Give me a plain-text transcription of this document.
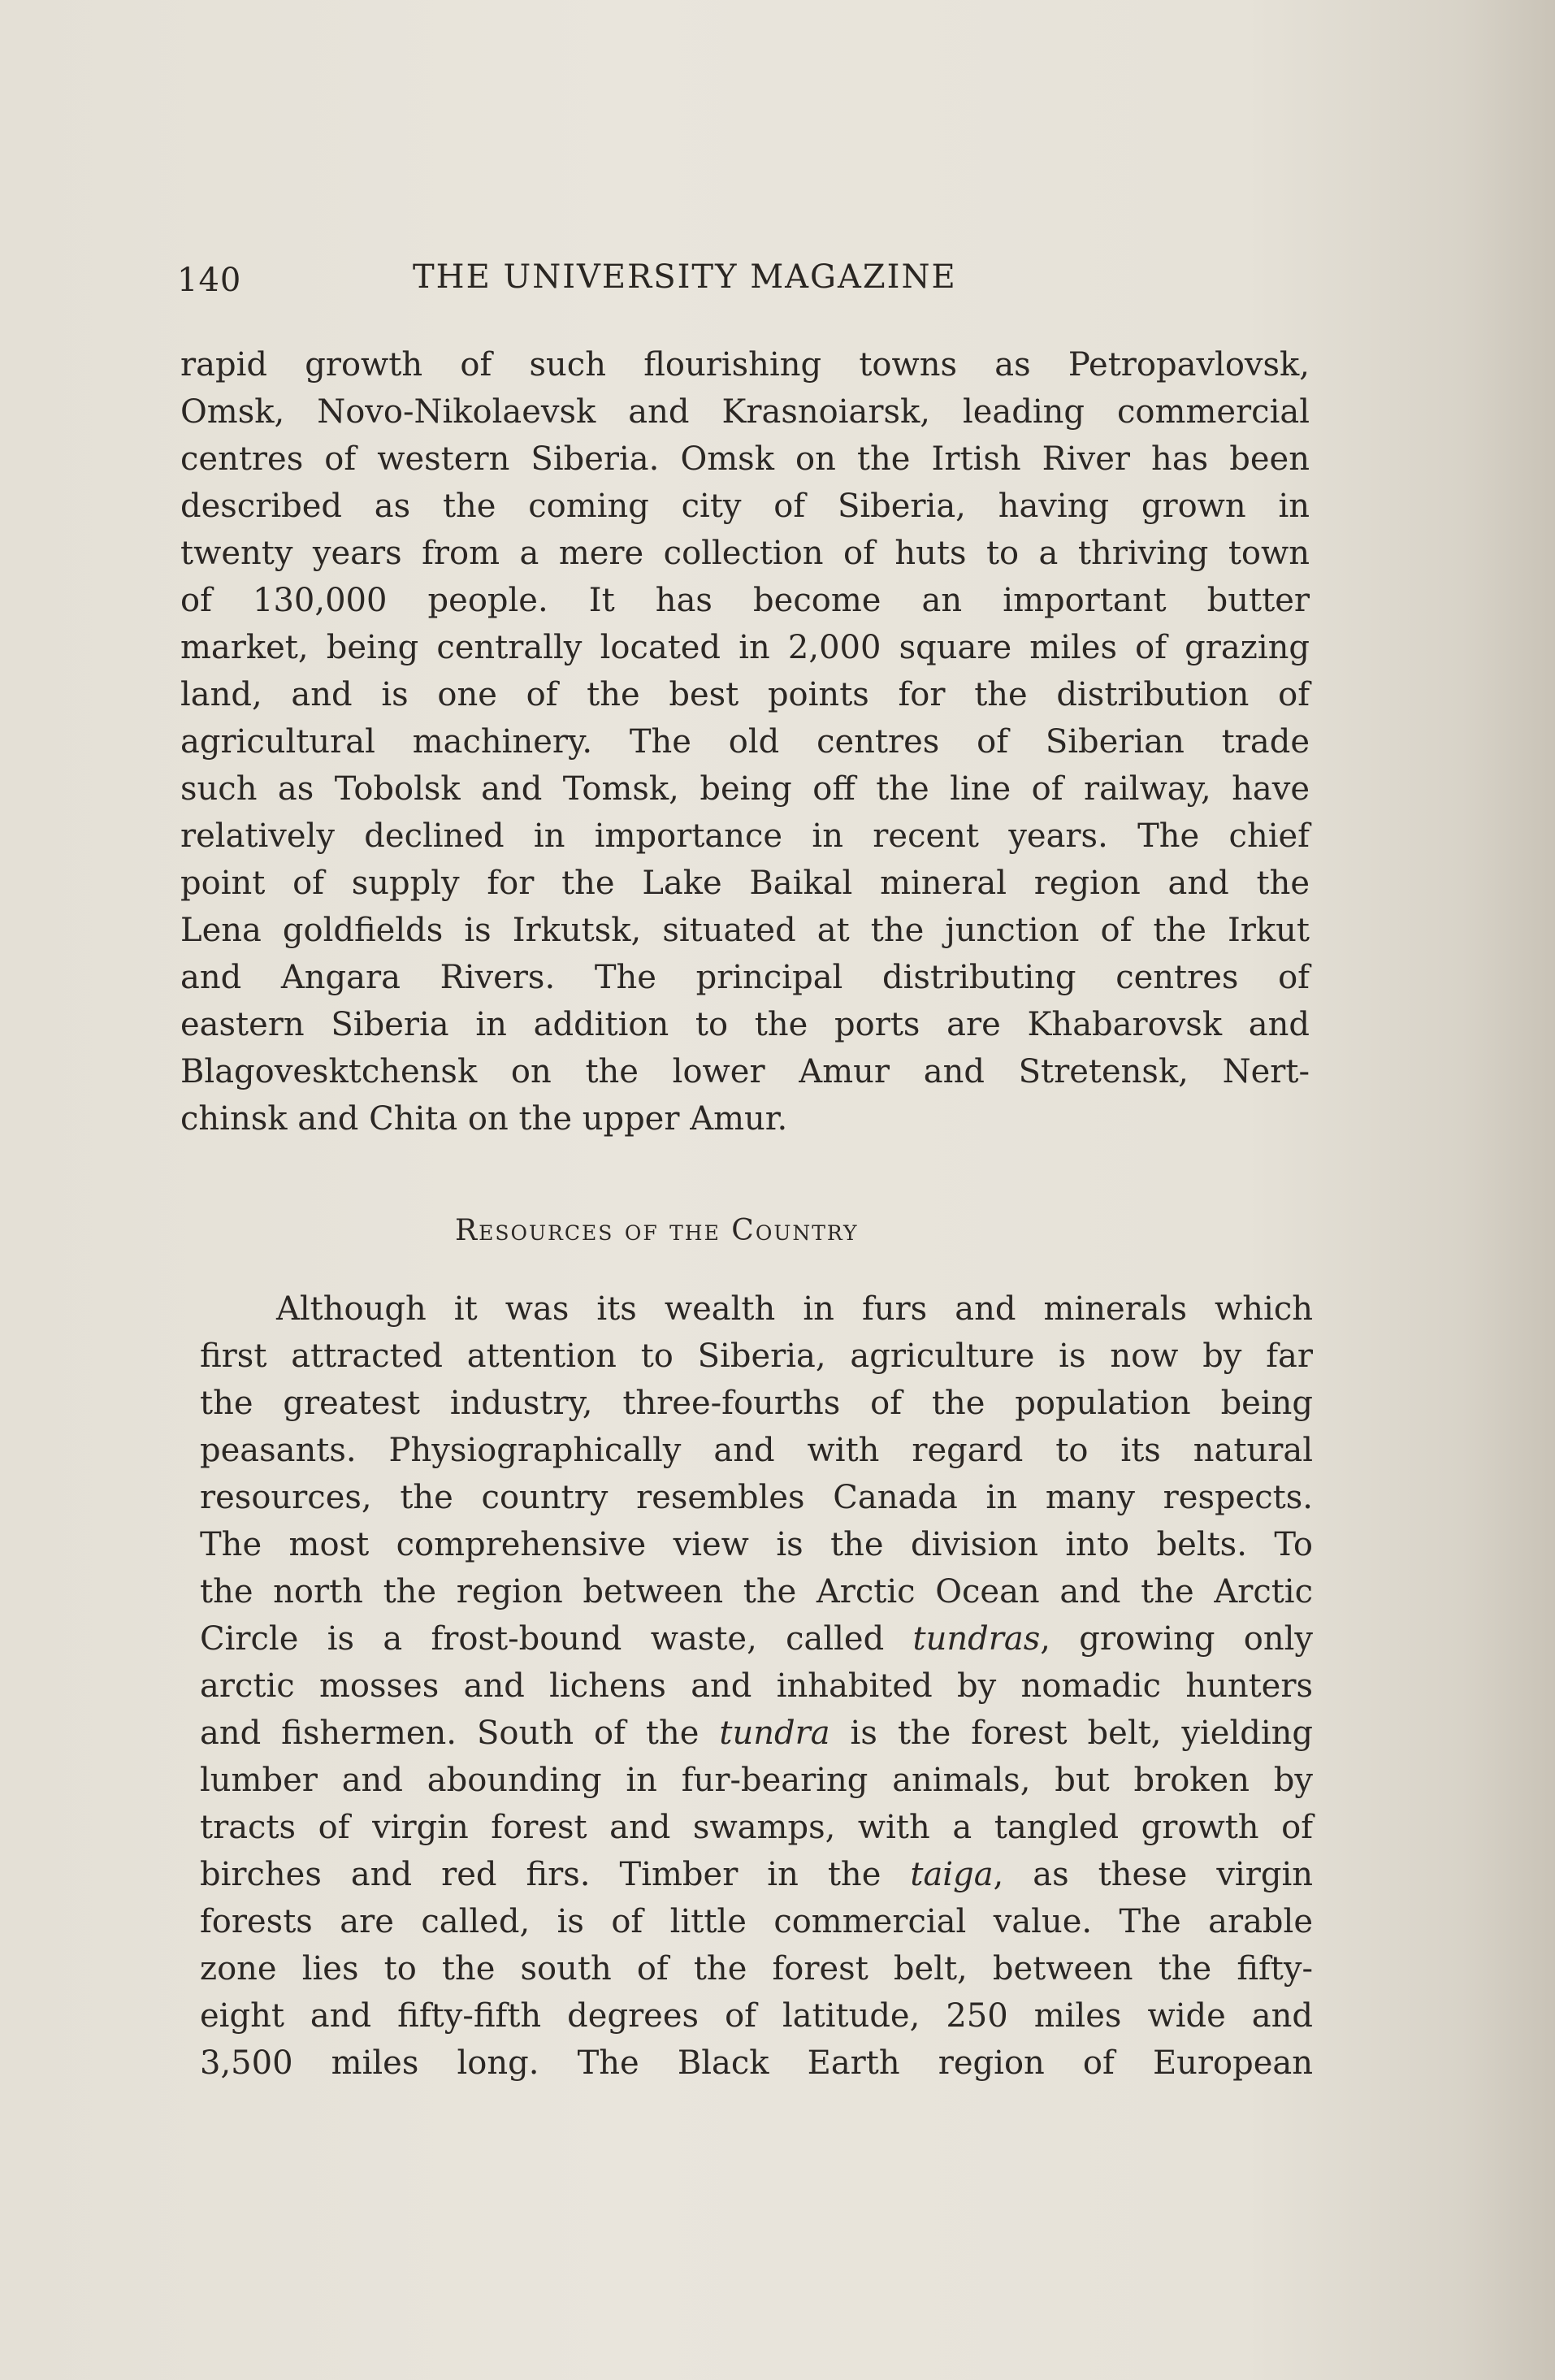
140	THE UNIVERSITY MAGAZINE
rapid growth of such flourishing towns as Petropavlovsk,
Omsk, Novo-Nikolaevsk and Krasnoiarsk, leading commercial
centres of western Siberia. Omsk on the Irtish River has been
described as the coming city of Siberia, having grown in
twenty years from a mere collection of huts to a thriving town
of 130,000 people. It has become an important butter
market, being centrally located in 2,000 square miles of grazing
land, and is one of the best points for the distribution of
agricultural machinery. The old centres of Siberian trade
such as Tobolsk and Tomsk, being off the line of railway, have
relatively declined in importance in recent years. The chief
point of supply for the Lake Baikal mineral region and the
Lena goldfields is Irkutsk, situated at the junction of the Irkut
and Angara Rivers. The principal distributing centres of
eastern Siberia in addition to the ports are Khabarovsk and
Blagovesktchensk on the lower Amur and Stretensk, Nert-
chinsk and Chita on the upper Amur.
Resources of the Country
Although it was its wealth in furs and minerals which
first attracted attention to Siberia, agriculture is now by far
the greatest industry, three-fourths of the population being
peasants. Physiographically and with regard to its natural
resources, the country resembles Canada in many respects.
The most comprehensive view is the division into belts. To
the north the region between the Arctic Ocean and the Arctic
Circle is a frost-bound waste, called tundras, growing only
arctic mosses and lichens and inhabited by nomadic hunters
and fishermen. South of the tundra is the forest belt, yielding
lumber and abounding in fur-bearing animals, but broken by
tracts of virgin forest and swamps, with a tangled growth of
birches and red firs. Timber in the taiga, as these virgin
forests are called, is of little commercial value. The arable
zone lies to the south of the forest belt, between the fifty-
eight and fifty-fifth degrees of latitude, 250 miles wide and
3,500 miles long. The Black Earth region of European
